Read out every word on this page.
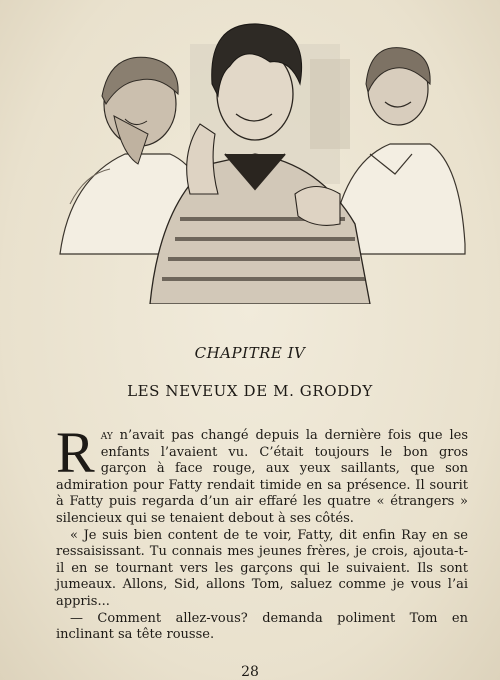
CHAPITRE IV
LES NEVEUX DE M. GRODDY

Ray n’avait pas changé depuis la dernière fois que les enfants l’avaient vu. C’était toujours le bon gros garçon à face rouge, aux yeux saillants, que son admiration pour Fatty rendait timide en sa présence. Il sourit à Fatty puis regarda d’un air effaré les quatre « étrangers » silencieux qui se tenaient debout à ses côtés.

« Je suis bien content de te voir, Fatty, dit enfin Ray en se ressaisissant. Tu connais mes jeunes frères, je crois, ajouta-t-il en se tournant vers les garçons qui le suivaient. Ils sont jumeaux. Allons, Sid, allons Tom, saluez comme je vous l’ai appris...

— Comment allez-vous? demanda poliment Tom en inclinant sa tête rousse.

28
